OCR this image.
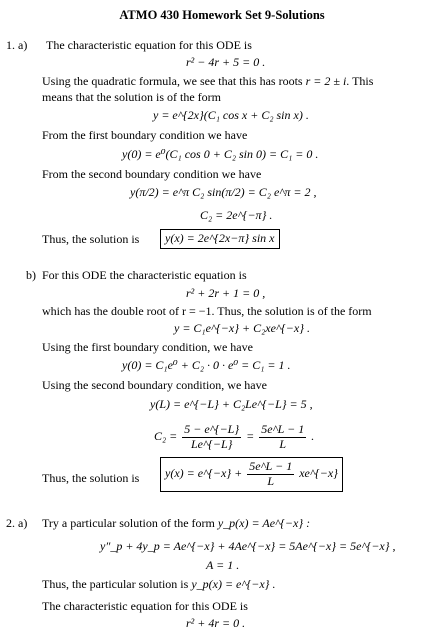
ATMO 430 Homework Set 9-Solutions
1. a) The characteristic equation for this ODE is
r² − 4r + 5 = 0 .
Using the quadratic formula, we see that this has roots r = 2 ± i. This
means that the solution is of the form
y = e^{2x}(C₁ cos x + C₂ sin x) .
From the first boundary condition we have
y(0) = e⁰(C₁ cos 0 + C₂ sin 0) = C₁ = 0 .
From the second boundary condition we have
y(π/2) = e^π C₂ sin(π/2) = C₂ e^π = 2 ,
C₂ = 2e^{−π} .
Thus, the solution is	y(x) = 2e^{2x−π} sin x
b) For this ODE the characteristic equation is
r² + 2r + 1 = 0 ,
which has the double root of r = −1. Thus, the solution is of the form
y = C₁e^{−x} + C₂xe^{−x} .
Using the first boundary condition, we have
y(0) = C₁e⁰ + C₂ · 0 · e⁰ = C₁ = 1 .
Using the second boundary condition, we have
y(L) = e^{−L} + C₂Le^{−L} = 5 ,
$C_2 = \frac{5 - e\^{}\{-L\}}{Le\^{}\{-L\}} = \frac{5e\^{}L - 1}{L}$ .
Thus, the solution is	y(x) = e^{−x} + $\frac{5e\^{}L - 1}{L}$ xe^{−x}
2. a) Try a particular solution of the form y_p(x) = Ae^{−x} :
y″_p + 4y_p = Ae^{−x} + 4Ae^{−x} = 5Ae^{−x} = 5e^{−x} ,
A = 1 .
Thus, the particular solution is y_p(x) = e^{−x} .
The characteristic equation for this ODE is
r² + 4r = 0 .
